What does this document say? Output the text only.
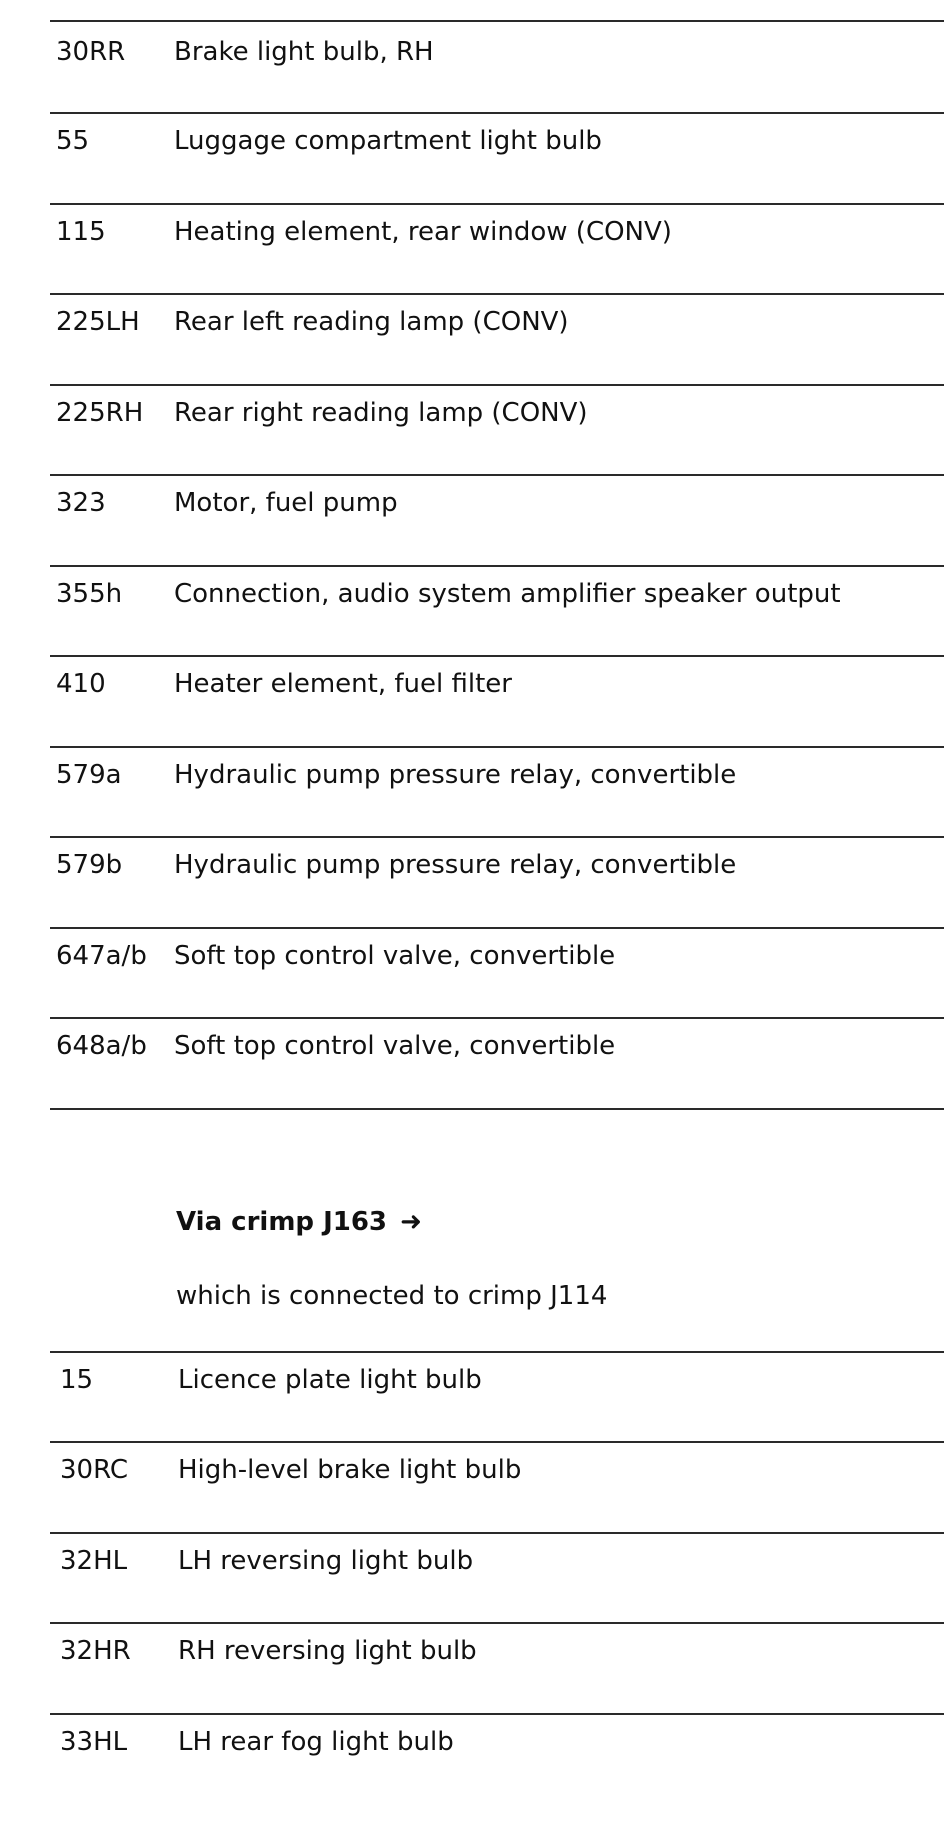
30RR Brake light bulb, RH
55	Luggage compartment light bulb
115	Heating element, rear window (CONV)
225LH Rear left reading lamp (CONV)
225RH Rear right reading lamp (CONV)
323	Motor, fuel pump
355h Connection, audio system amplifier speaker output
410	Heater element, fuel filter
579a Hydraulic pump pressure relay, convertible
579b Hydraulic pump pressure relay, convertible
647a/b Soft top control valve, convertible
648a/b Soft top control valve, convertible
Via crimp J163 ➜
which is connected to crimp J114
15	Licence plate light bulb
30RC High-level brake light bulb
32HL LH reversing light bulb
32HR RH reversing light bulb
33HL LH rear fog light bulb
